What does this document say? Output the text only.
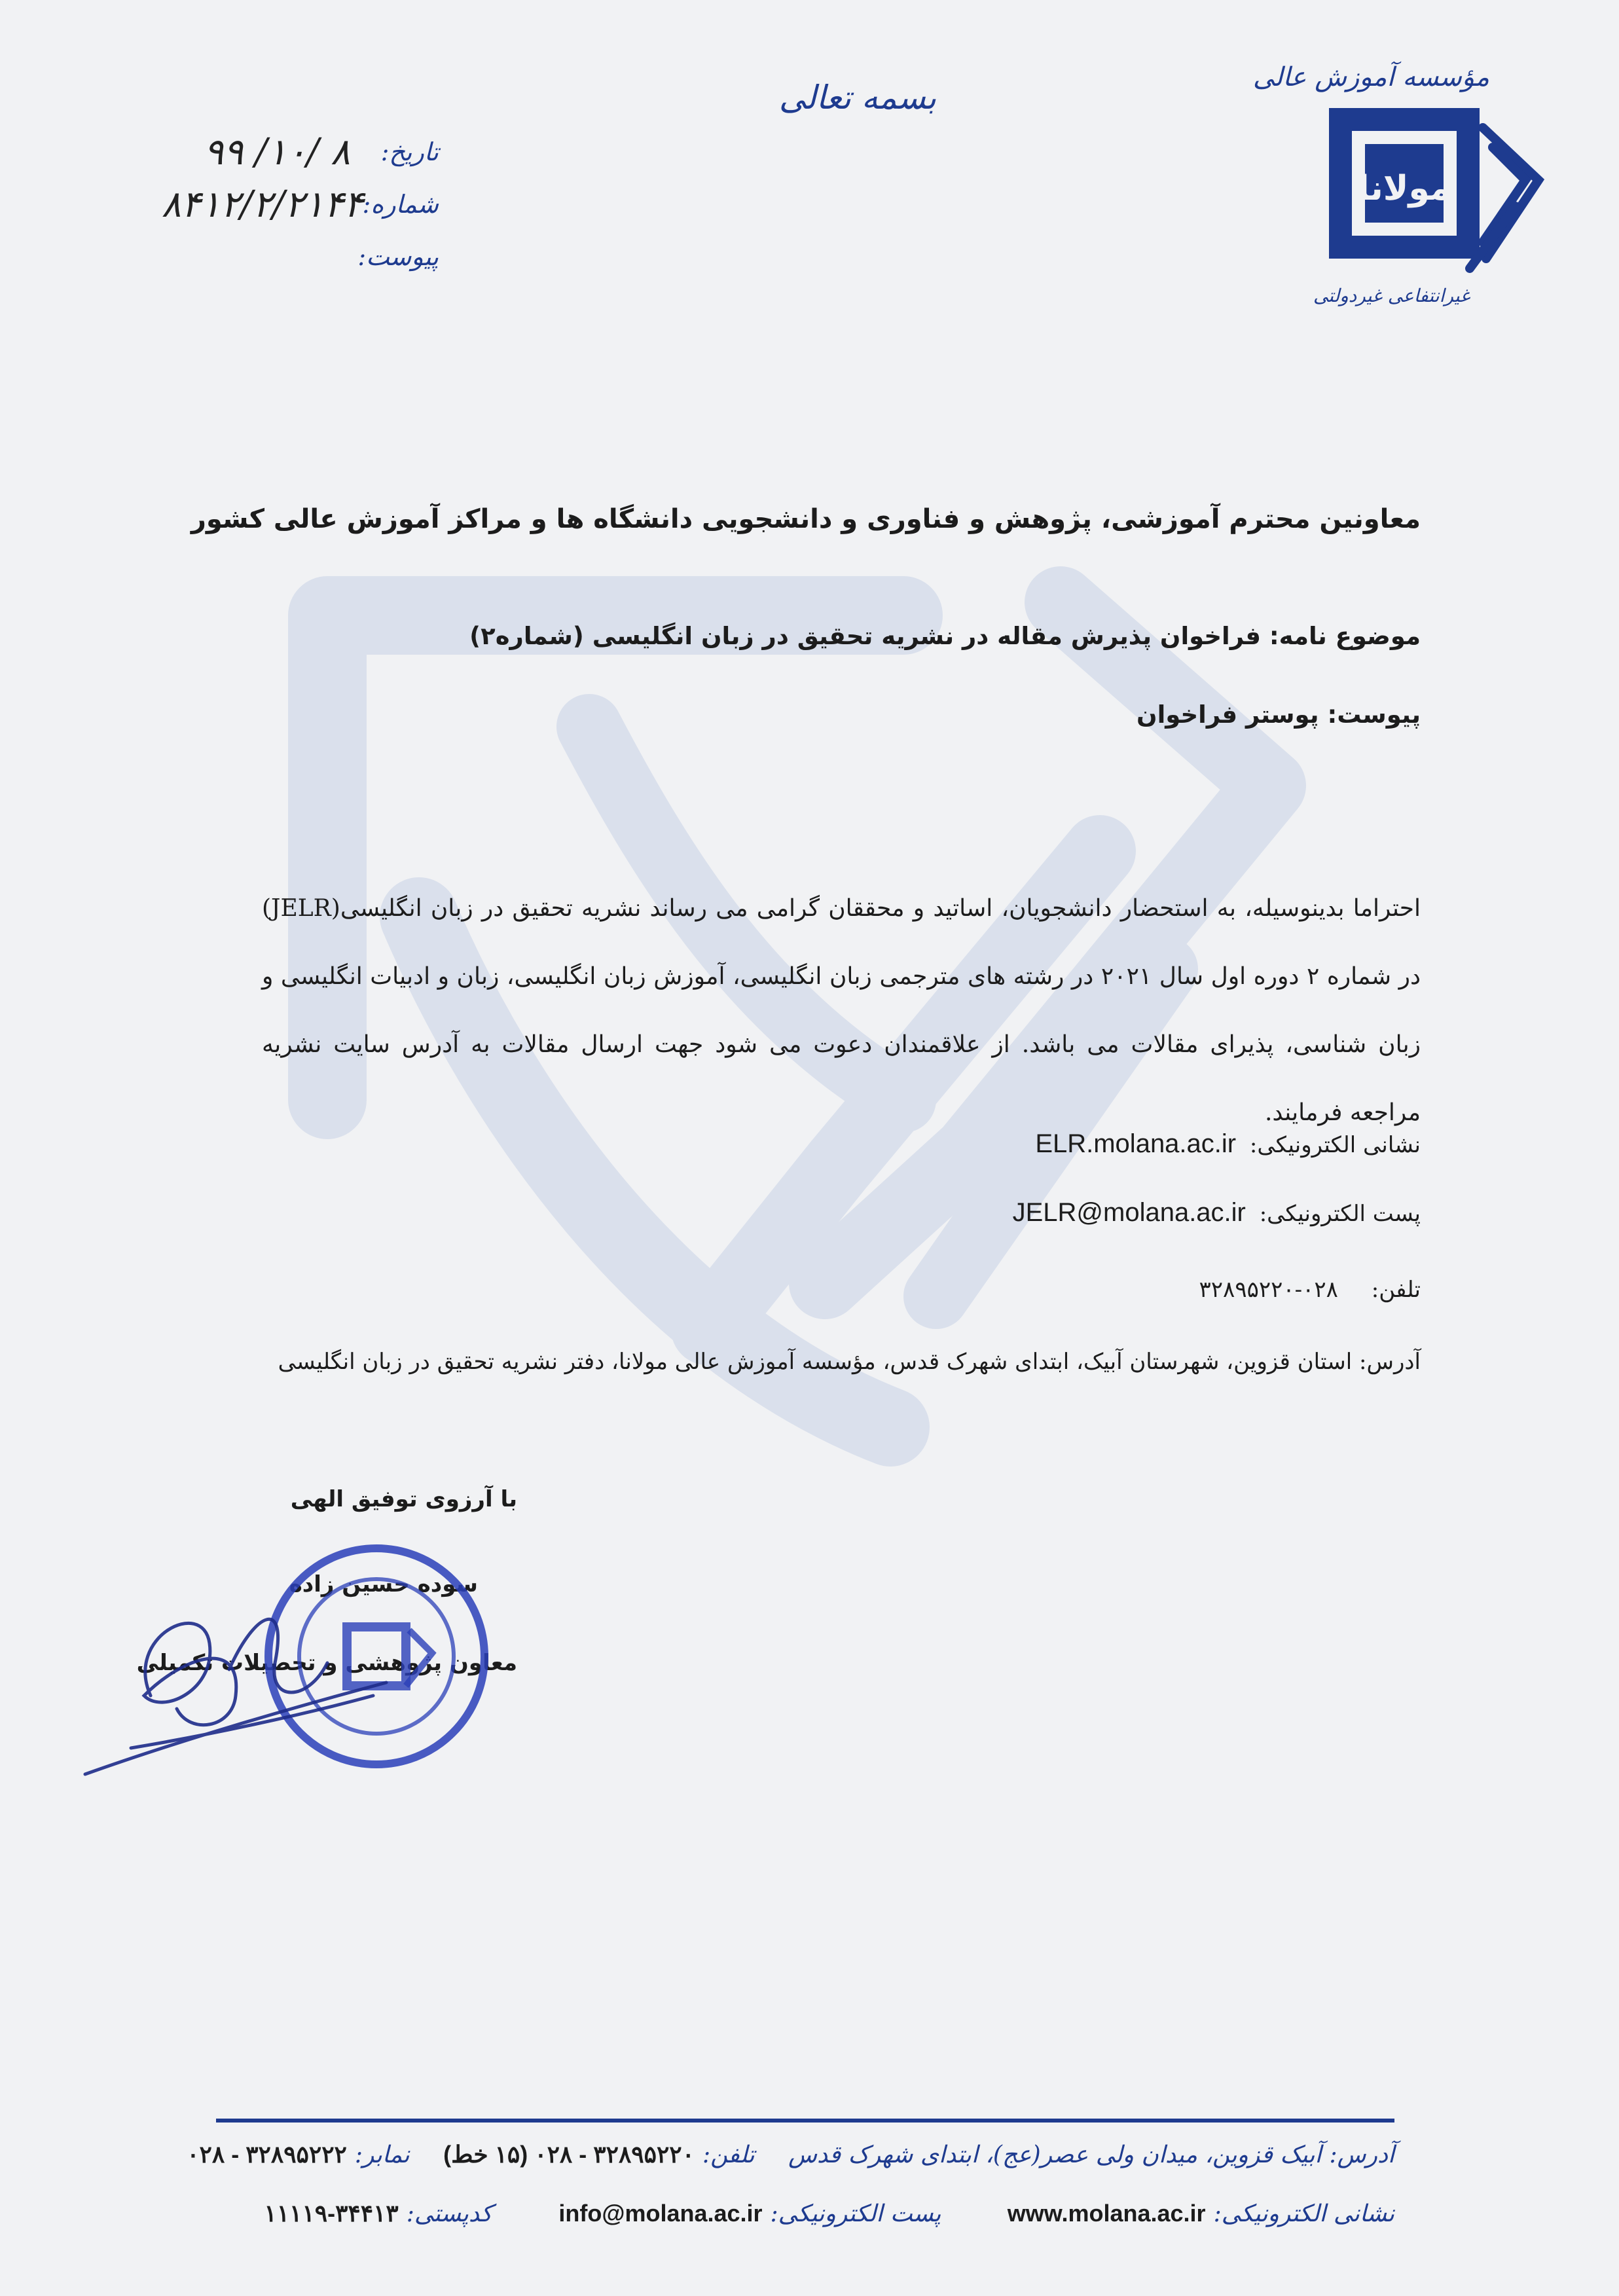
بسمه تعالی
مؤسسه آموزش عالی
مولانا
غیرانتفاعی غیردولتی
تاریخ:
۹۹ /۱۰/ ۸
شماره:
۸۴۱۲/۲/۲۱۴۴
پیوست:
معاونین محترم آموزشی، پژوهش و فناوری و دانشجویی دانشگاه ها و مراکز آموزش عالی کشور
موضوع نامه: فراخوان پذیرش مقاله در نشریه تحقیق در زبان انگلیسی (شماره۲)
پیوست: پوستر فراخوان

احتراما بدینوسیله، به استحضار دانشجویان، اساتید و محققان گرامی می رساند نشریه تحقیق در زبان انگلیسی(JELR) در شماره ۲ دوره اول سال ۲۰۲۱ در رشته های مترجمی زبان انگلیسی، آموزش زبان انگلیسی، زبان و ادبیات انگلیسی و زبان شناسی، پذیرای مقالات می باشد. از علاقمندان دعوت می شود جهت ارسال مقالات به آدرس سایت نشریه مراجعه فرمایند.

نشانی الکترونیکی: ELR.molana.ac.ir
پست الکترونیکی: JELR@molana.ac.ir
تلفن: ۰۲۸-۳۲۸۹۵۲۲۰
آدرس: استان قزوین، شهرستان آبیک، ابتدای شهرک قدس، مؤسسه آموزش عالی مولانا، دفتر نشریه تحقیق در زبان انگلیسی
با آرزوی توفیق الهی
سوده حسین زاده
معاون پژوهشی و تحصیلات تکمیلی
آدرس:آبیک قزوین، میدان ولی عصر(عج)، ابتدای شهرک قدس تلفن:۳۲۸۹۵۲۲۰ - ۰۲۸ (۱۵ خط) نمابر:۳۲۸۹۵۲۲۲ - ۰۲۸
نشانی الکترونیکی:www.molana.ac.ir پست الکترونیکی:info@molana.ac.ir کدپستی:۳۴۴۱۳-۱۱۱۱۹
